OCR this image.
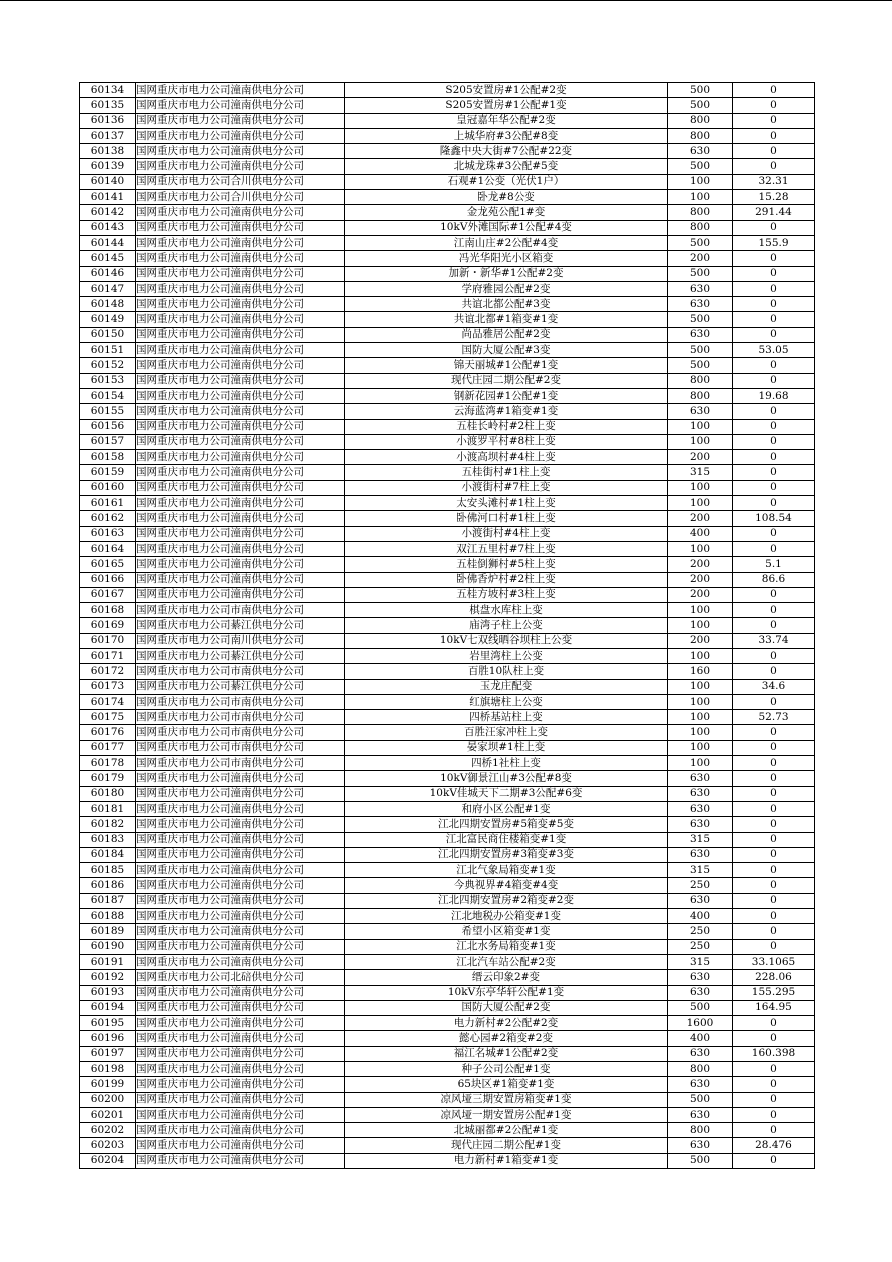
60134	国网重庆市电力公司潼南供电分公司	S205安置房#1公配#2变	500	0
60135	国网重庆市电力公司潼南供电分公司	S205安置房#1公配#1变	500	0
60136	国网重庆市电力公司潼南供电分公司	皇冠嘉年华公配#2变	800	0
60137	国网重庆市电力公司潼南供电分公司	上城华府#3公配#8变	800	0
60138	国网重庆市电力公司潼南供电分公司	隆鑫中央大街#7公配#22变	630	0
60139	国网重庆市电力公司潼南供电分公司	北城龙珠#3公配#5变	500	0
60140	国网重庆市电力公司合川供电分公司	石观#1公变（光伏1户）	100	32.31
60141	国网重庆市电力公司合川供电分公司	卧龙#8公变	100	15.28
60142	国网重庆市电力公司潼南供电分公司	金龙苑公配1#变	800	291.44
60143	国网重庆市电力公司潼南供电分公司	10kV外滩国际#1公配#4变	800	0
60144	国网重庆市电力公司潼南供电分公司	江南山庄#2公配#4变	500	155.9
60145	国网重庆市电力公司潼南供电分公司	冯光华阳光小区箱变	200	0
60146	国网重庆市电力公司潼南供电分公司	加新・新华#1公配#2变	500	0
60147	国网重庆市电力公司潼南供电分公司	学府雅园公配#2变	630	0
60148	国网重庆市电力公司潼南供电分公司	共谊北都公配#3变	630	0
60149	国网重庆市电力公司潼南供电分公司	共谊北都#1箱变#1变	500	0
60150	国网重庆市电力公司潼南供电分公司	尚品雅居公配#2变	630	0
60151	国网重庆市电力公司潼南供电分公司	国防大厦公配#3变	500	53.05
60152	国网重庆市电力公司潼南供电分公司	锦天丽城#1公配#1变	500	0
60153	国网重庆市电力公司潼南供电分公司	现代庄园二期公配#2变	800	0
60154	国网重庆市电力公司潼南供电分公司	钢新花园#1公配#1变	800	19.68
60155	国网重庆市电力公司潼南供电分公司	云海蓝湾#1箱变#1变	630	0
60156	国网重庆市电力公司潼南供电分公司	五桂长岭村#2柱上变	100	0
60157	国网重庆市电力公司潼南供电分公司	小渡罗平村#8柱上变	100	0
60158	国网重庆市电力公司潼南供电分公司	小渡高坝村#4柱上变	200	0
60159	国网重庆市电力公司潼南供电分公司	五桂街村#1柱上变	315	0
60160	国网重庆市电力公司潼南供电分公司	小渡街村#7柱上变	100	0
60161	国网重庆市电力公司潼南供电分公司	太安头滩村#1柱上变	100	0
60162	国网重庆市电力公司潼南供电分公司	卧佛河口村#1柱上变	200	108.54
60163	国网重庆市电力公司潼南供电分公司	小渡街村#4柱上变	400	0
60164	国网重庆市电力公司潼南供电分公司	双江五里村#7柱上变	100	0
60165	国网重庆市电力公司潼南供电分公司	五桂倒狮村#5柱上变	200	5.1
60166	国网重庆市电力公司潼南供电分公司	卧佛香炉村#2柱上变	200	86.6
60167	国网重庆市电力公司潼南供电分公司	五桂方坡村#3柱上变	200	0
60168	国网重庆市电力公司市南供电分公司	棋盘水库柱上变	100	0
60169	国网重庆市电力公司綦江供电分公司	庙湾子柱上公变	100	0
60170	国网重庆市电力公司南川供电分公司	10kV七双线晒谷坝柱上公变	200	33.74
60171	国网重庆市电力公司綦江供电分公司	岩里湾柱上公变	100	0
60172	国网重庆市电力公司市南供电分公司	百胜10队柱上变	160	0
60173	国网重庆市电力公司綦江供电分公司	玉龙庄配变	100	34.6
60174	国网重庆市电力公司市南供电分公司	红旗塘柱上公变	100	0
60175	国网重庆市电力公司市南供电分公司	四桥基站柱上变	100	52.73
60176	国网重庆市电力公司市南供电分公司	百胜汪家冲柱上变	100	0
60177	国网重庆市电力公司市南供电分公司	晏家坝#1柱上变	100	0
60178	国网重庆市电力公司市南供电分公司	四桥1社柱上变	100	0
60179	国网重庆市电力公司潼南供电分公司	10kV御景江山#3公配#8变	630	0
60180	国网重庆市电力公司潼南供电分公司	10kV佳城天下二期#3公配#6变	630	0
60181	国网重庆市电力公司潼南供电分公司	和府小区公配#1变	630	0
60182	国网重庆市电力公司潼南供电分公司	江北四期安置房#5箱变#5变	630	0
60183	国网重庆市电力公司潼南供电分公司	江北富民商住楼箱变#1变	315	0
60184	国网重庆市电力公司潼南供电分公司	江北四期安置房#3箱变#3变	630	0
60185	国网重庆市电力公司潼南供电分公司	江北气象局箱变#1变	315	0
60186	国网重庆市电力公司潼南供电分公司	今典视界#4箱变#4变	250	0
60187	国网重庆市电力公司潼南供电分公司	江北四期安置房#2箱变#2变	630	0
60188	国网重庆市电力公司潼南供电分公司	江北地税办公箱变#1变	400	0
60189	国网重庆市电力公司潼南供电分公司	希望小区箱变#1变	250	0
60190	国网重庆市电力公司潼南供电分公司	江北水务局箱变#1变	250	0
60191	国网重庆市电力公司潼南供电分公司	江北汽车站公配#2变	315	33.1065
60192	国网重庆市电力公司北碚供电分公司	缙云印象2#变	630	228.06
60193	国网重庆市电力公司潼南供电分公司	10kV东亭华轩公配#1变	630	155.295
60194	国网重庆市电力公司潼南供电分公司	国防大厦公配#2变	500	164.95
60195	国网重庆市电力公司潼南供电分公司	电力新村#2公配#2变	1600	0
60196	国网重庆市电力公司潼南供电分公司	懿心园#2箱变#2变	400	0
60197	国网重庆市电力公司潼南供电分公司	福江名城#1公配#2变	630	160.398
60198	国网重庆市电力公司潼南供电分公司	种子公司公配#1变	800	0
60199	国网重庆市电力公司潼南供电分公司	65块区#1箱变#1变	630	0
60200	国网重庆市电力公司潼南供电分公司	凉风垭三期安置房箱变#1变	500	0
60201	国网重庆市电力公司潼南供电分公司	凉风垭一期安置房公配#1变	630	0
60202	国网重庆市电力公司潼南供电分公司	北城丽都#2公配#1变	800	0
60203	国网重庆市电力公司潼南供电分公司	现代庄园二期公配#1变	630	28.476
60204	国网重庆市电力公司潼南供电分公司	电力新村#1箱变#1变	500	0
